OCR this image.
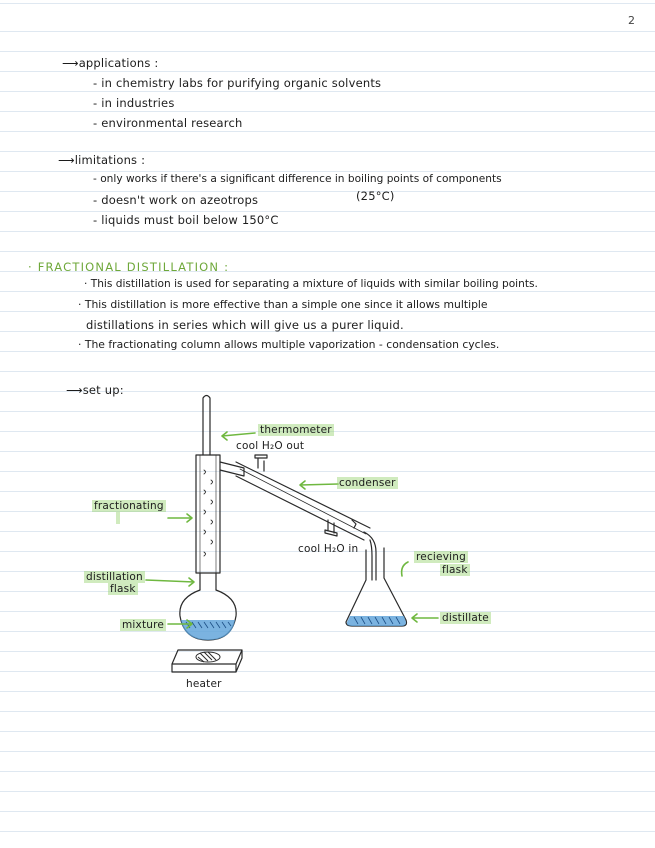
2
⟶applications :
- in chemistry labs for purifying organic solvents
- in industries
- environmental research
⟶limitations :
- only works if there's a significant difference in boiling points of components
(25°C)
- doesn't work on azeotrops
- liquids must boil below 150°C
· FRACTIONAL DISTILLATION :
· This distillation is used for separating a mixture of liquids with similar boiling points.
· This distillation is more effective than a simple one since it allows multiple
distillations in series which will give us a purer liquid.
· The fractionating column allows multiple vaporization - condensation cycles.
⟶set up:
thermometer
cool H₂O out
condenser
fractionating
cool H₂O in
recieving
flask
distillation
flask
mixture
distillate
heater
